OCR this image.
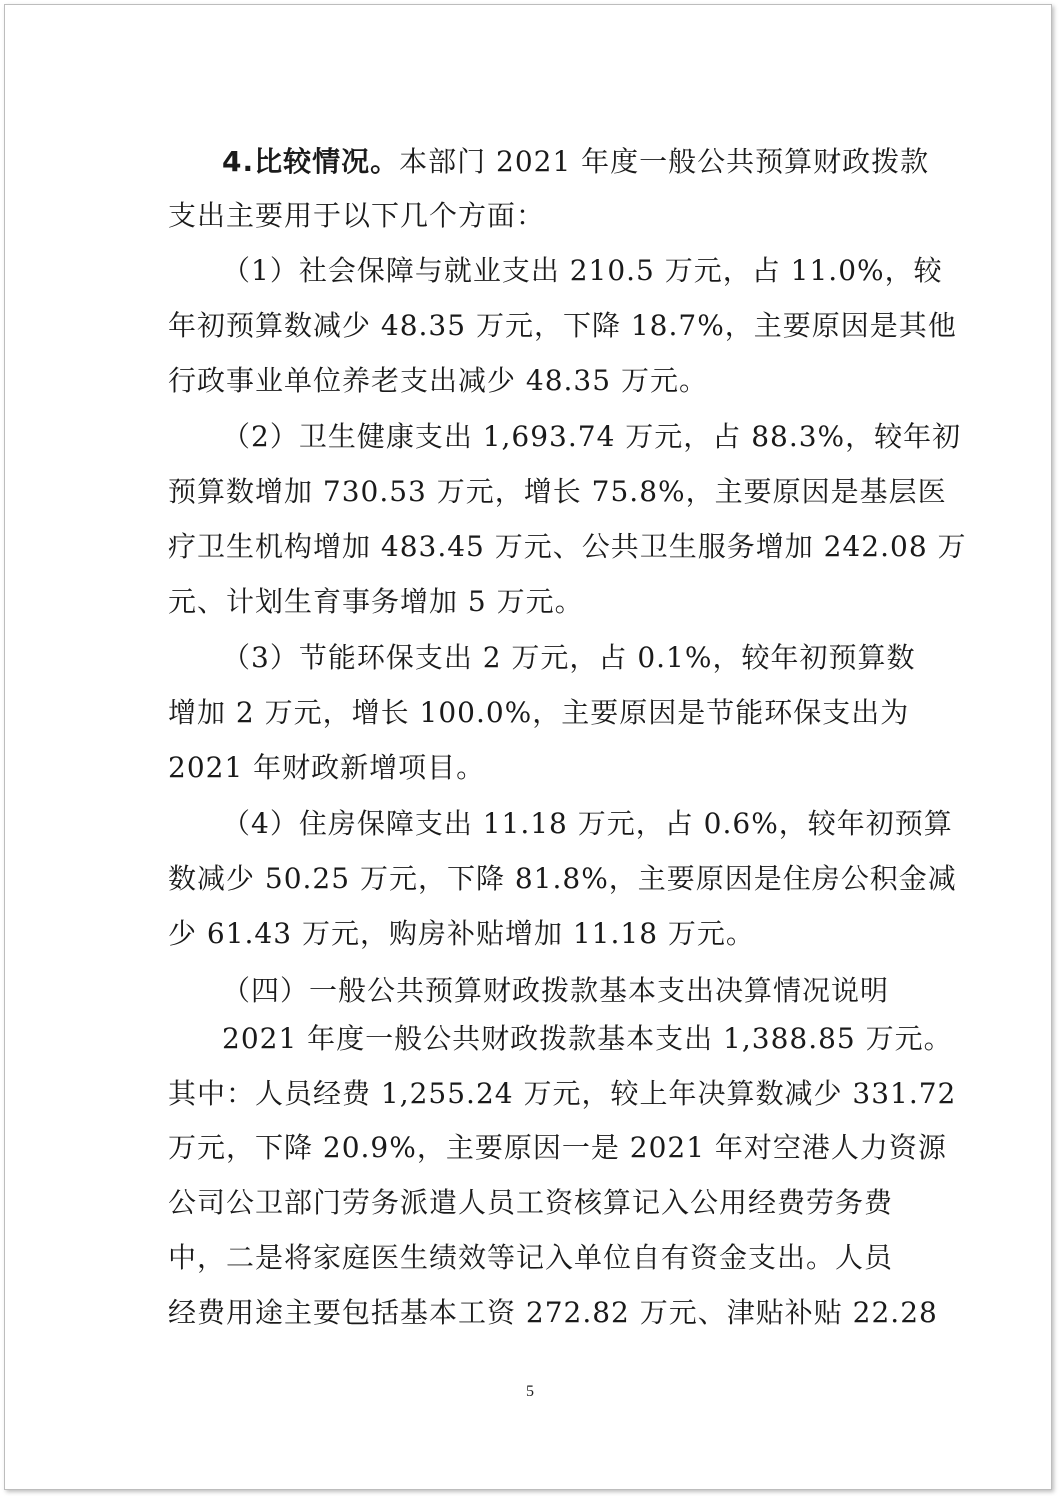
4.比较情况。本部门 2021 年度一般公共预算财政拨款
支出主要用于以下几个方面：
（1）社会保障与就业支出 210.5 万元，占 11.0%，较
年初预算数减少 48.35 万元，下降 18.7%，主要原因是其他
行政事业单位养老支出减少 48.35 万元。
（2）卫生健康支出 1,693.74 万元，占 88.3%，较年初
预算数增加 730.53 万元，增长 75.8%，主要原因是基层医
疗卫生机构增加 483.45 万元、公共卫生服务增加 242.08 万
元、计划生育事务增加 5 万元。
（3）节能环保支出 2 万元，占 0.1%，较年初预算数
增加 2 万元，增长 100.0%，主要原因是节能环保支出为
2021 年财政新增项目。
（4）住房保障支出 11.18 万元，占 0.6%，较年初预算
数减少 50.25 万元，下降 81.8%，主要原因是住房公积金减
少 61.43 万元，购房补贴增加 11.18 万元。
（四）一般公共预算财政拨款基本支出决算情况说明
2021 年度一般公共财政拨款基本支出 1,388.85 万元。
其中：人员经费 1,255.24 万元，较上年决算数减少 331.72
万元，下降 20.9%，主要原因一是 2021 年对空港人力资源
公司公卫部门劳务派遣人员工资核算记入公用经费劳务费
中，二是将家庭医生绩效等记入单位自有资金支出。人员
经费用途主要包括基本工资 272.82 万元、津贴补贴 22.28
5
